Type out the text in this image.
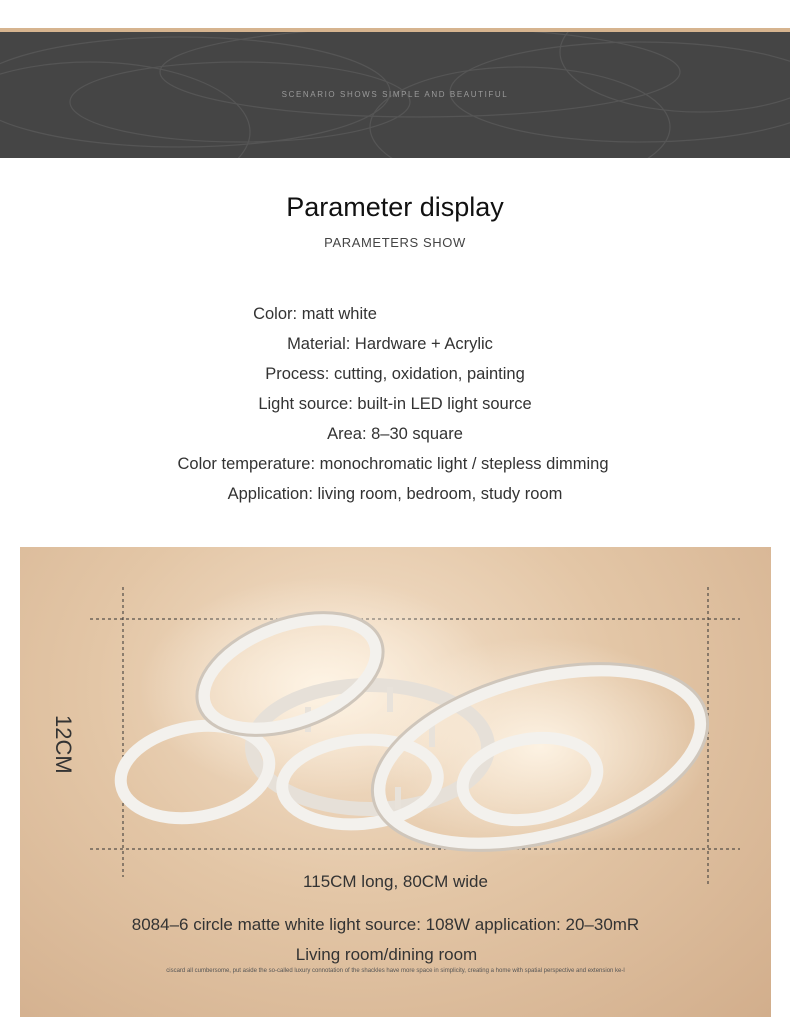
SCENARIO SHOWS SIMPLE AND BEAUTIFUL
Parameter display
PARAMETERS SHOW
Color: matt white
Material: Hardware + Acrylic
Process: cutting, oxidation, painting
Light source: built-in LED light source
Area: 8–30 square
Color temperature: monochromatic light / stepless dimming
Application: living room, bedroom, study room
12CM
115CM long, 80CM wide
8084–6 circle matte white light source: 108W application: 20–30mR
Living room/dining room
ciscard all cumbersome, put aside the so-called luxury connotation of the shackles have more space in simplicity, creating a home with spatial perspective and extension ke-l
